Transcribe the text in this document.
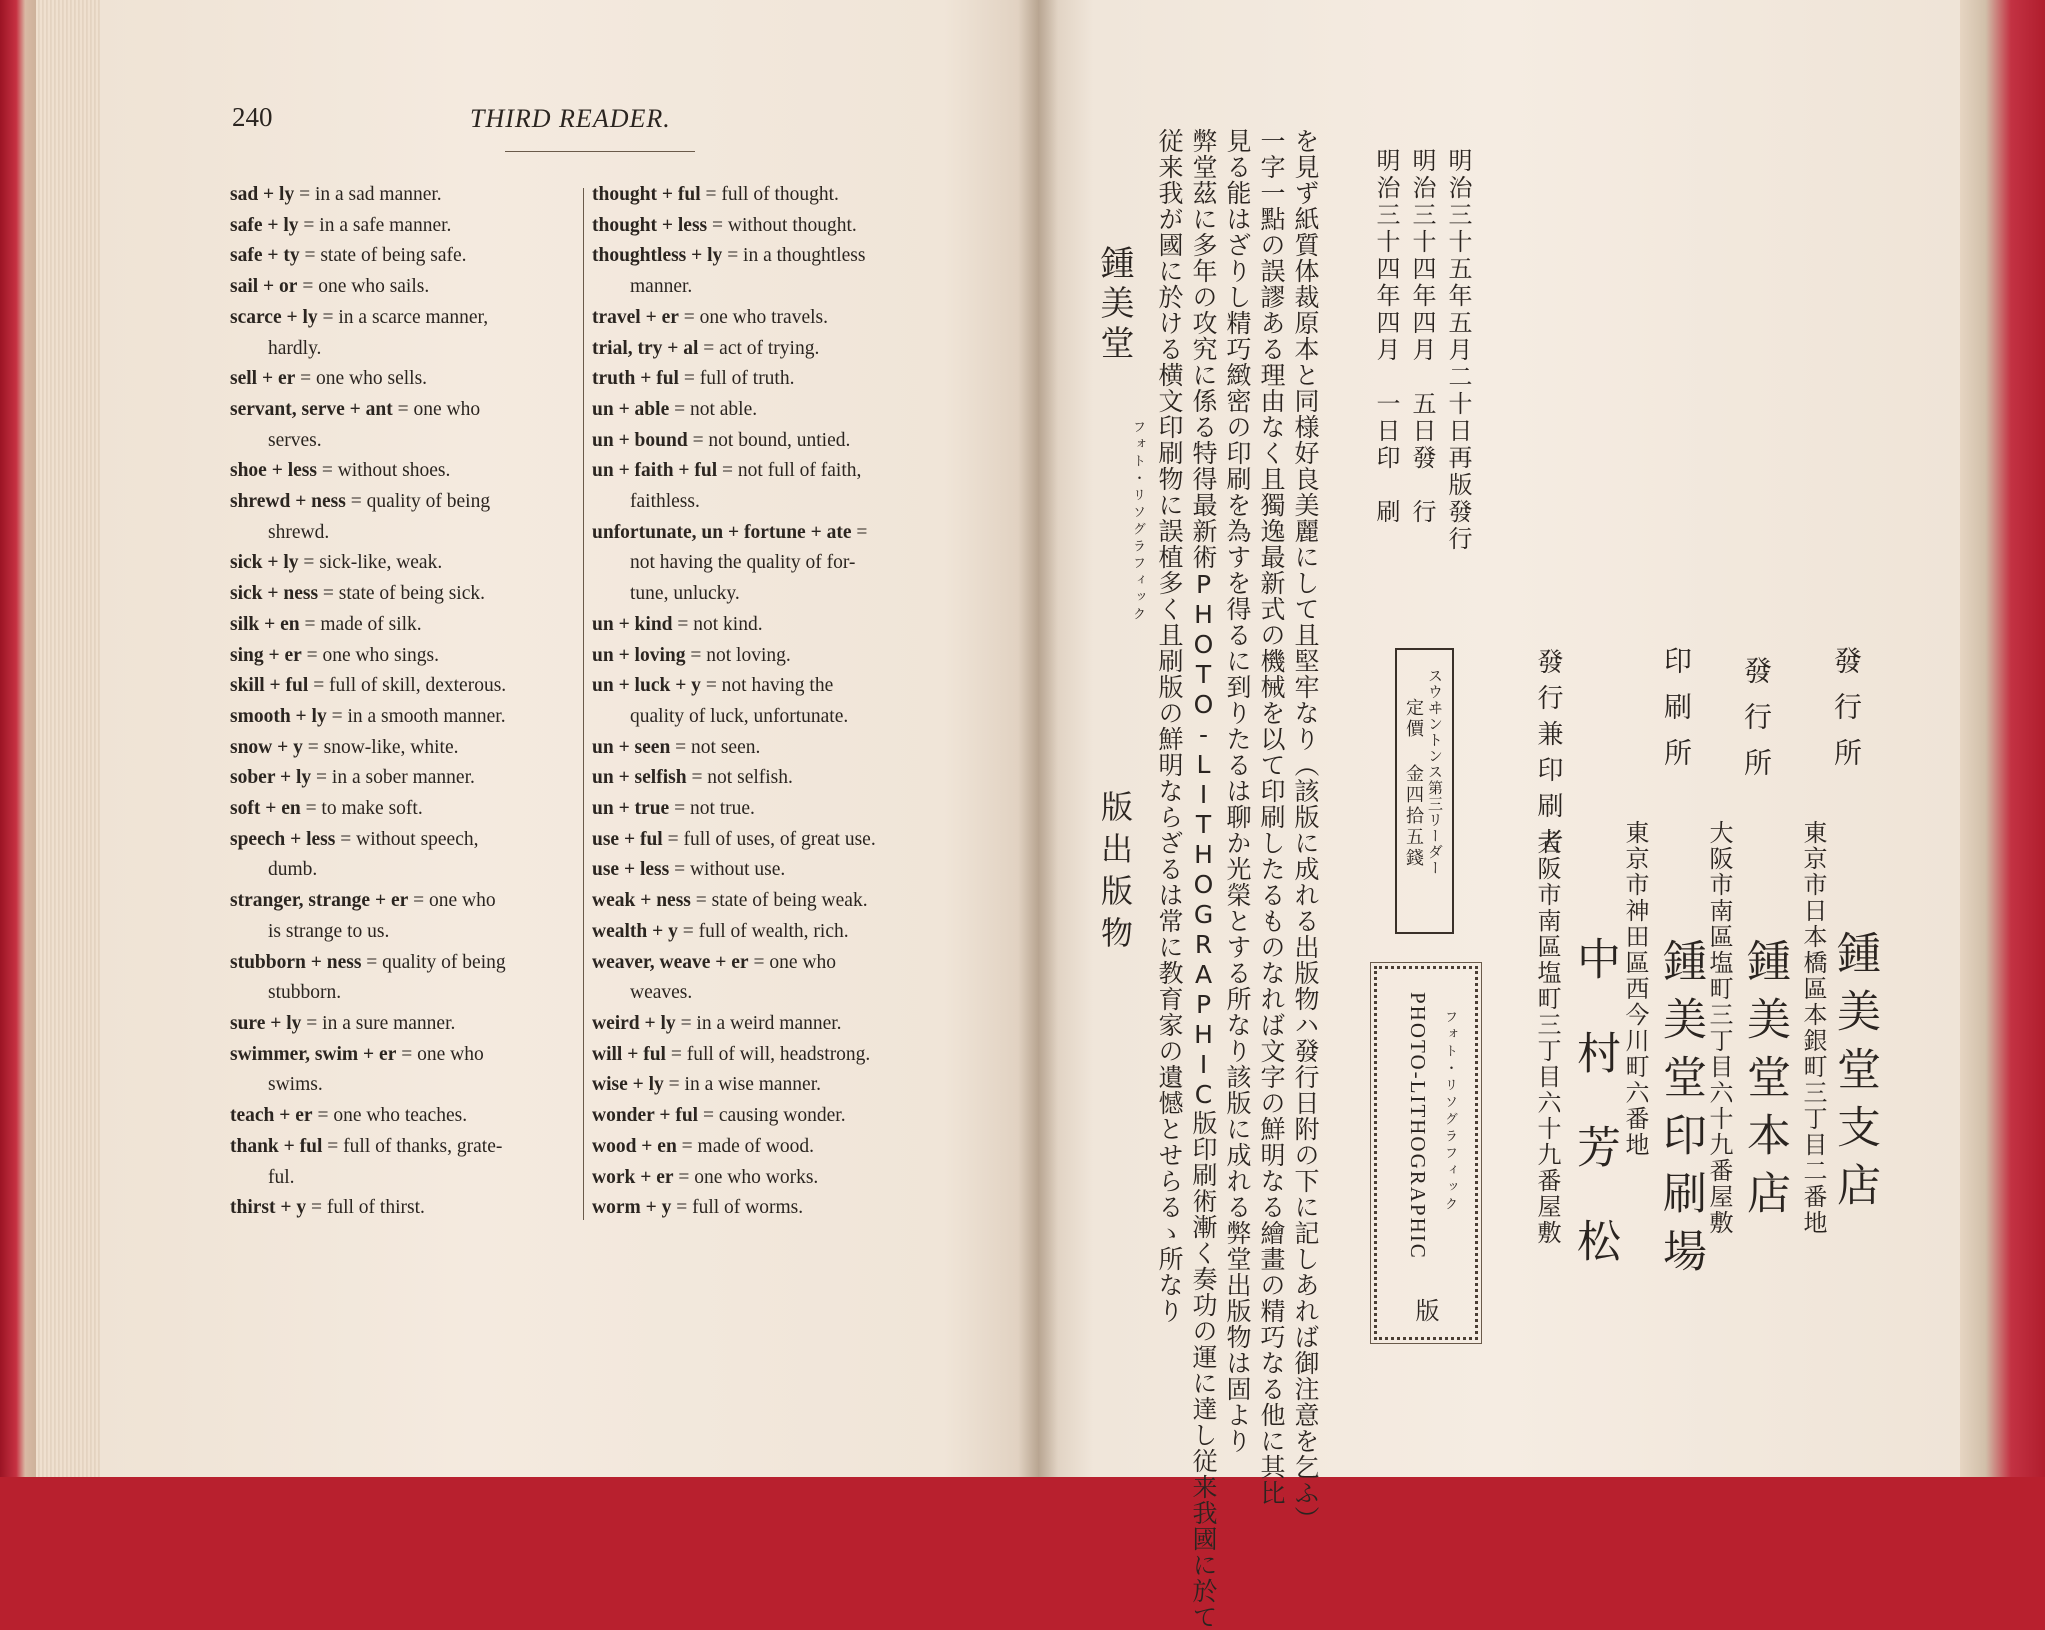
240	THIRD READER.
sad + ly = in a sad manner.
safe + ly = in a safe manner.
safe + ty = state of being safe.
sail + or = one who sails.
scarce + ly = in a scarce manner,
hardly.
sell + er = one who sells.
servant, serve + ant = one who
serves.
shoe + less = without shoes.
shrewd + ness = quality of being
shrewd.
sick + ly = sick-like, weak.
sick + ness = state of being sick.
silk + en = made of silk.
sing + er = one who sings.
skill + ful = full of skill, dexterous.
smooth + ly = in a smooth manner.
snow + y = snow-like, white.
sober + ly = in a sober manner.
soft + en = to make soft.
speech + less = without speech,
dumb.
stranger, strange + er = one who
is strange to us.
stubborn + ness = quality of being
stubborn.
sure + ly = in a sure manner.
swimmer, swim + er = one who
swims.
teach + er = one who teaches.
thank + ful = full of thanks, grate-
ful.
thirst + y = full of thirst.
thought + ful = full of thought.
thought + less = without thought.
thoughtless + ly = in a thoughtless
manner.
travel + er = one who travels.
trial, try + al = act of trying.
truth + ful = full of truth.
un + able = not able.
un + bound = not bound, untied.
un + faith + ful = not full of faith,
faithless.
unfortunate, un + fortune + ate =
not having the quality of for-
tune, unlucky.
un + kind = not kind.
un + loving = not loving.
un + luck + y = not having the
quality of luck, unfortunate.
un + seen = not seen.
un + selfish = not selfish.
un + true = not true.
use + ful = full of uses, of great use.
use + less = without use.
weak + ness = state of being weak.
wealth + y = full of wealth, rich.
weaver, weave + er = one who
weaves.
weird + ly = in a weird manner.
will + ful = full of will, headstrong.
wise + ly = in a wise manner.
wonder + ful = causing wonder.
wood + en = made of wood.
work + er = one who works.
worm + y = full of worms.
明治三十五年五月二十日再版發行
明治三十四年四月　五日發　行
明治三十四年四月　一日印　刷
を見ず紙質体裁原本と同様好良美麗にして且堅牢なり（該版に成れる出版物ハ發行日附の下に記しあれば御注意を乞ふ）
一字一點の誤謬ある理由なく且獨逸最新式の機械を以て印刷したるものなれば文字の鮮明なる繪畫の精巧なる他に其比
見る能はざりし精巧緻密の印刷を為すを得るに到りたるは聊か光榮とする所なり該版に成れる弊堂出版物は固より
弊堂茲に多年の攻究に係る特得最新術PHOTO-LITHOGRAPHIC版印刷術漸く奏功の運に達し従来我國に於て
従来我が國に於ける横文印刷物に誤植多く且刷版の鮮明ならざるは常に教育家の遺憾とせらるゝ所なり
鍾美堂
フォト・リソグラフィック
版出版物	スウヰントンス第三リーダー
定價 金四拾五錢
フォト・リソグラフィック
PHOTO-LITHOGRAPHIC
版
發行所
東京市日本橋區本銀町三丁目二番地 鍾美堂支店
發行所
大阪市南區塩町三丁目六十九番屋敷 鍾美堂本店
印刷所
東京市神田區西今川町六番地 鍾美堂印刷場
發行兼印刷者
大阪市南區塩町三丁目六十九番屋敷 中村芳松
